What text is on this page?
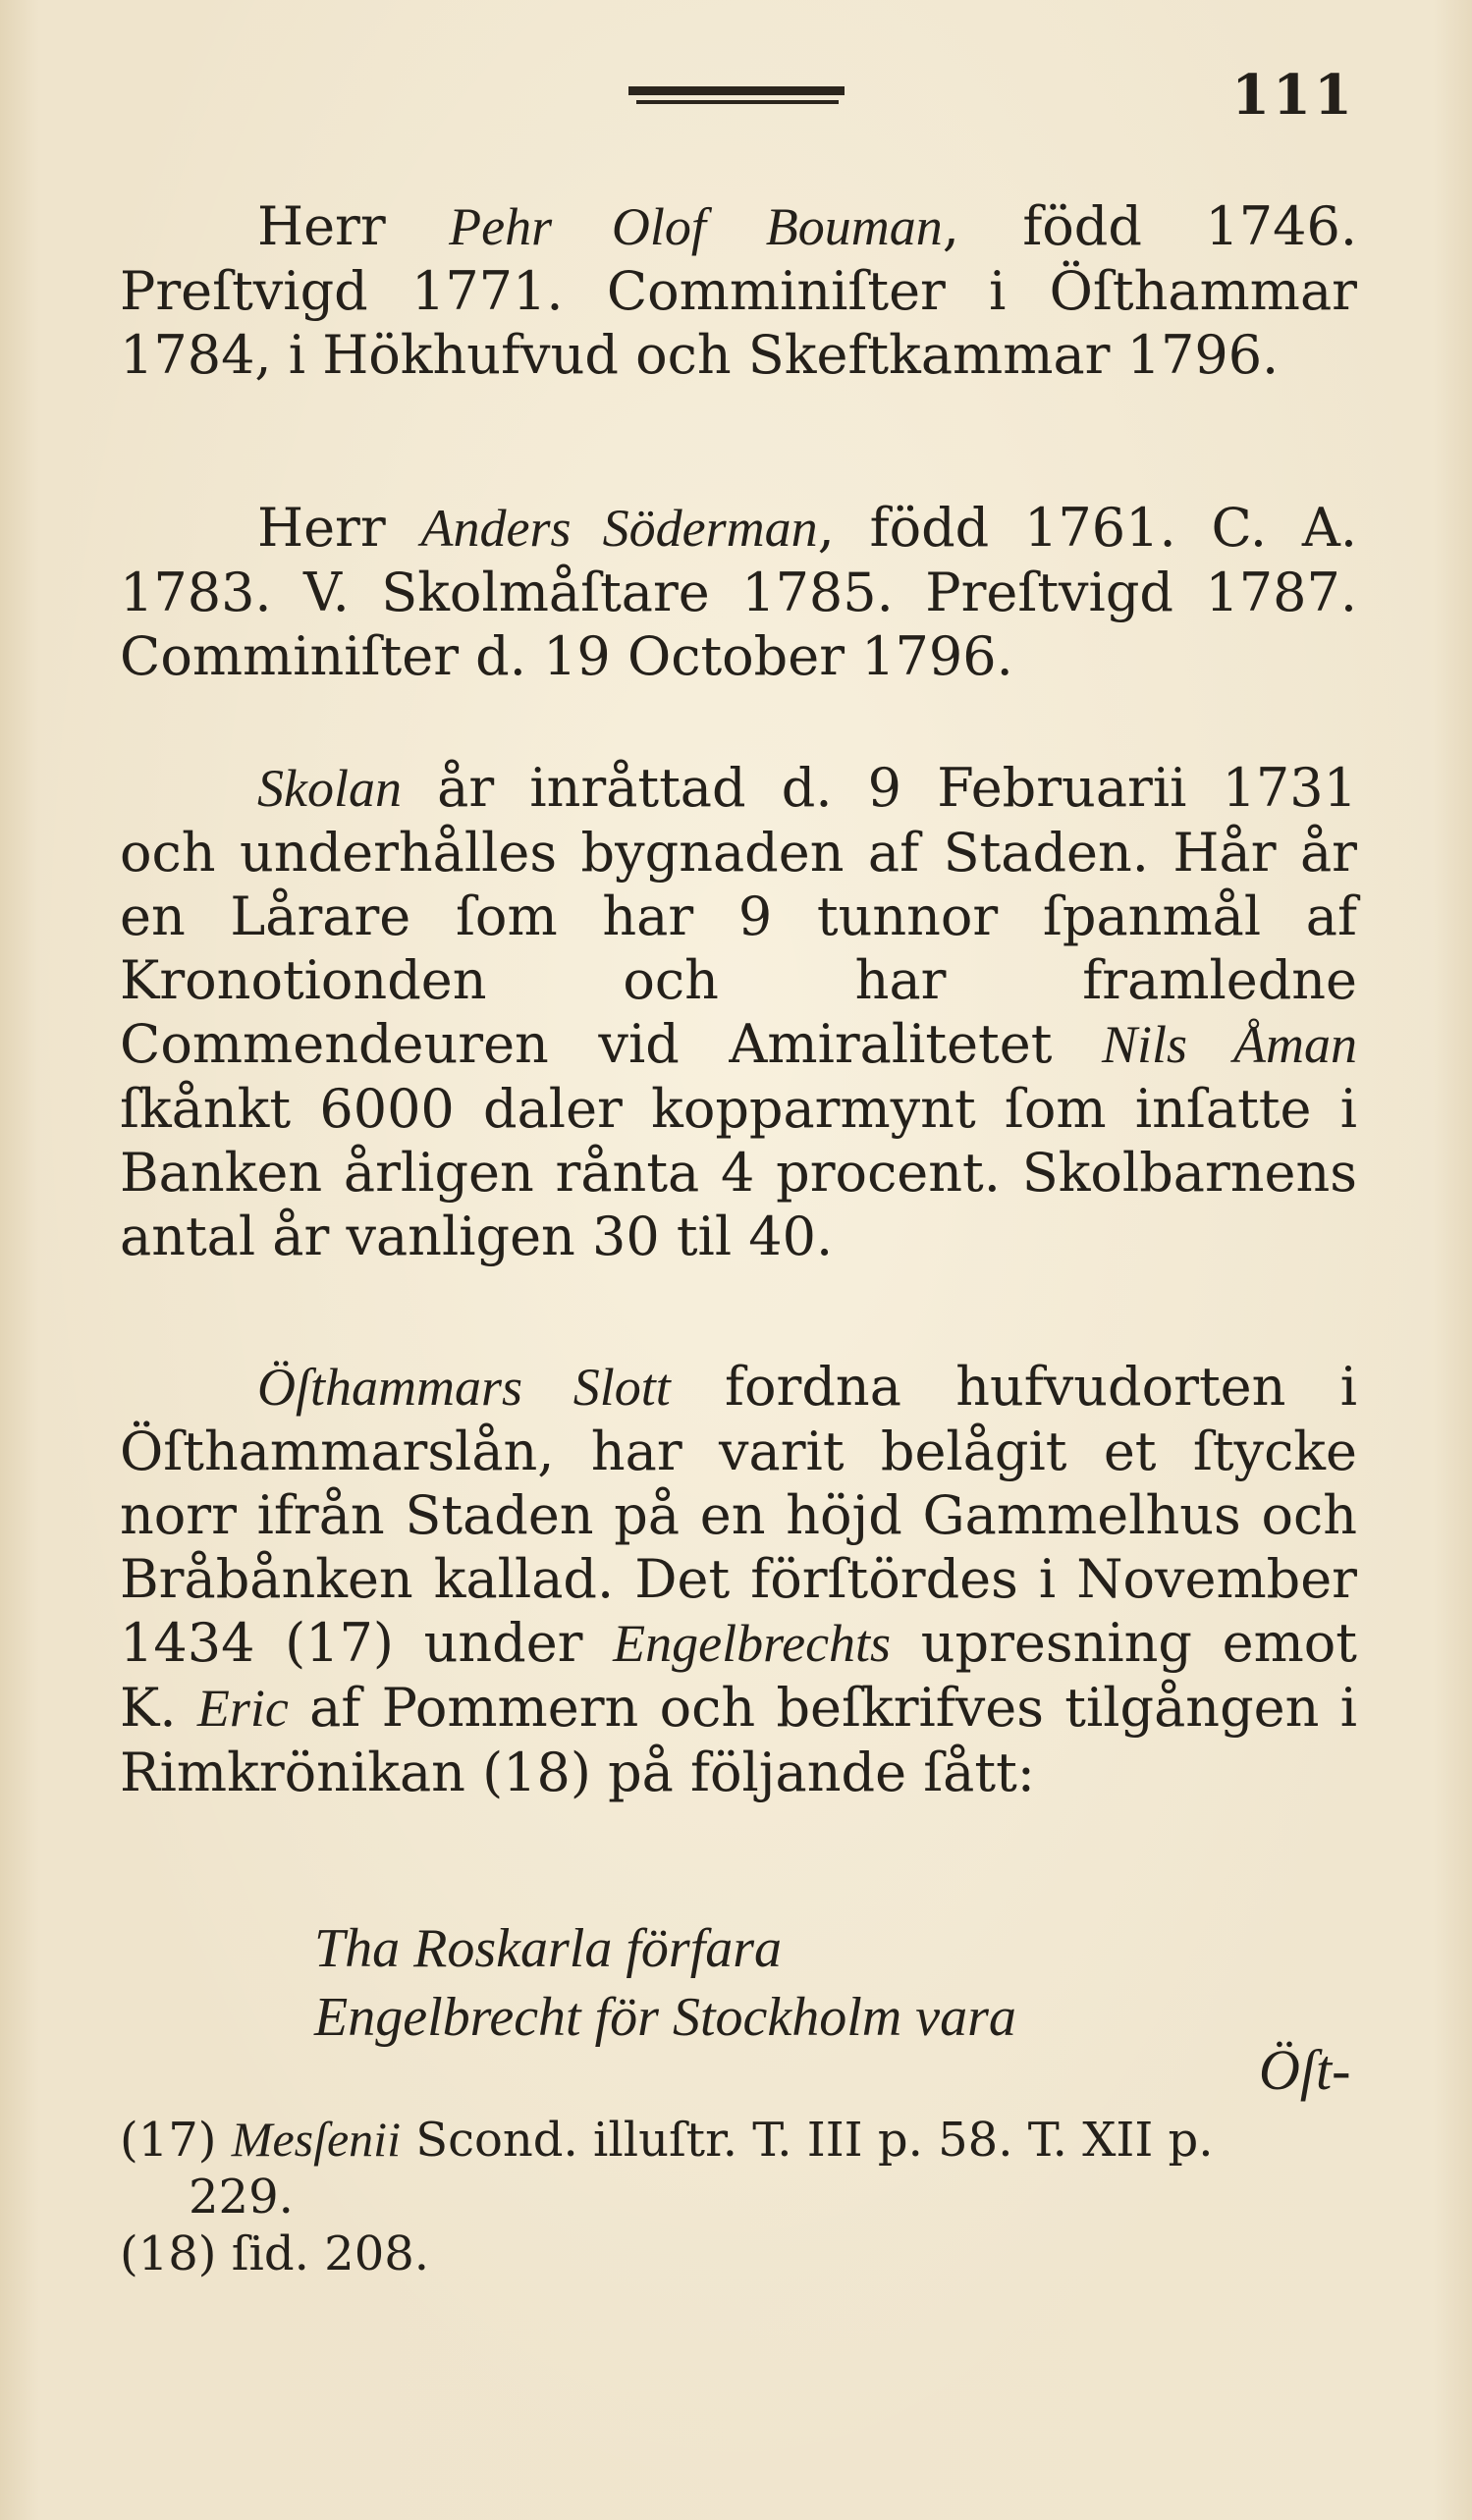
111

Herr Pehr Olof Bouman, född 1746. Preſtvigd 1771. Comminiſter i Öſthammar 1784, i Hökhufvud och Skeftkammar 1796.

Herr Anders Söderman, född 1761. C. A. 1783. V. Skolmåſtare 1785. Preſtvigd 1787. Comminiſter d. 19 October 1796.

Skolan år inråttad d. 9 Februarii 1731 och underhålles bygnaden af Staden. Hår år en Lårare ſom har 9 tunnor ſpanmål af Kronotionden och har framledne Commendeuren vid Amiralitetet Nils Åman ſkånkt 6000 daler kopparmynt ſom inſatte i Banken årligen rånta 4 procent. Skolbarnens antal år vanligen 30 til 40.

Öſthammars Slott fordna hufvudorten i Öſthammarslån, har varit belågit et ſtycke norr ifrån Staden på en höjd Gammelhus och Bråbånken kallad. Det förſtördes i November 1434 (17) under Engelbrechts upresning emot K. Eric af Pommern och beſkrifves tilgången i Rimkrönikan (18) på följande ſått:

Tha Roskarla förfara
Engelbrecht för Stockholm vara
Öſt-

(17) Mesſenii Scond. illuſtr. T. III p. 58. T. XII p.

229.

(18) ſid. 208.
